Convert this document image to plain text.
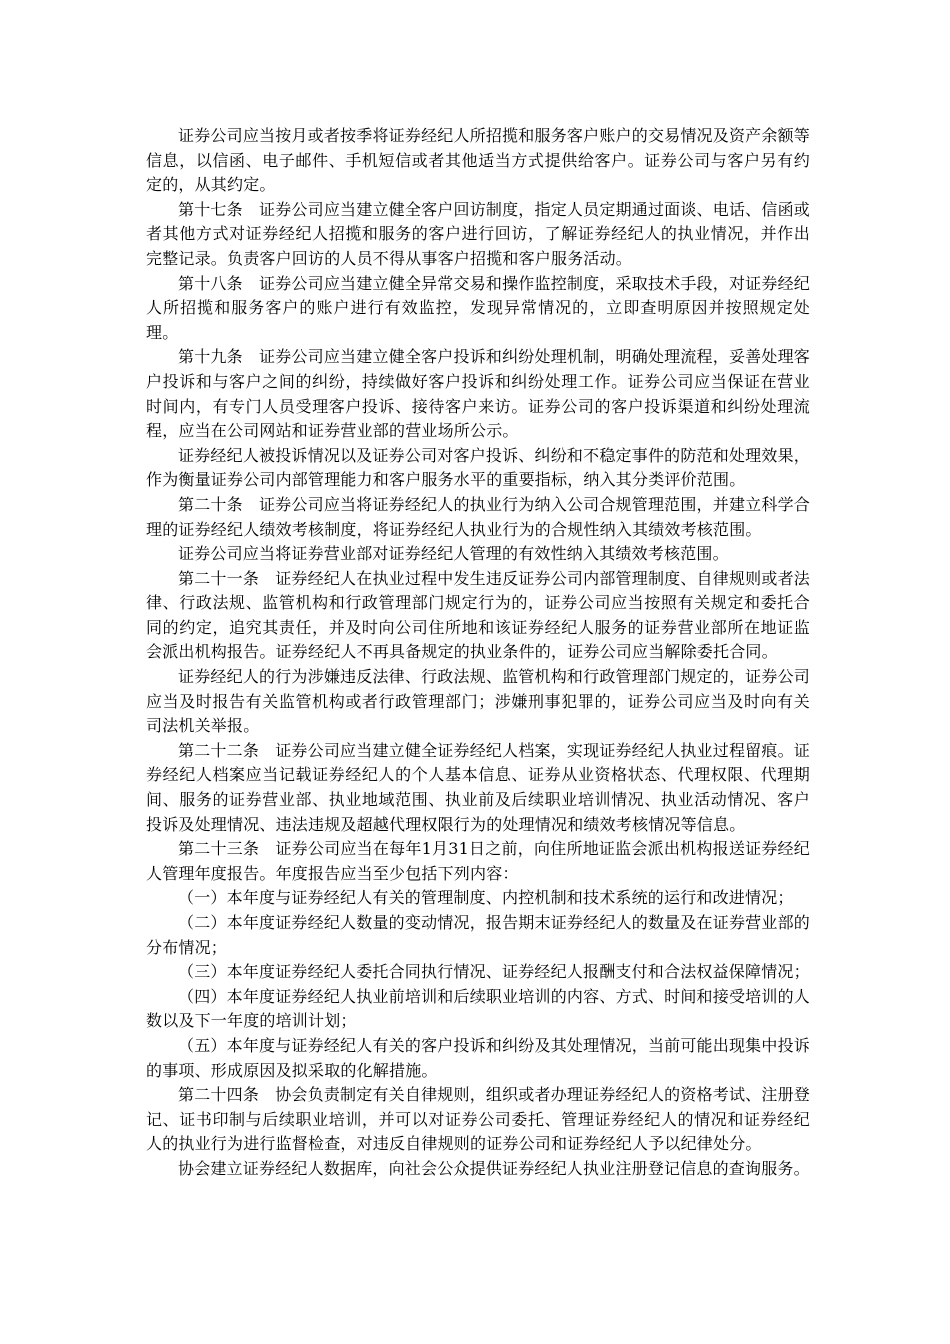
证券公司应当按月或者按季将证券经纪人所招揽和服务客户账户的交易情况及资产余额等信息，以信函、电子邮件、手机短信或者其他适当方式提供给客户。证券公司与客户另有约定的，从其约定。

第十七条　证券公司应当建立健全客户回访制度，指定人员定期通过面谈、电话、信函或者其他方式对证券经纪人招揽和服务的客户进行回访，了解证券经纪人的执业情况，并作出完整记录。负责客户回访的人员不得从事客户招揽和客户服务活动。

第十八条　证券公司应当建立健全异常交易和操作监控制度，采取技术手段，对证券经纪人所招揽和服务客户的账户进行有效监控，发现异常情况的，立即查明原因并按照规定处理。

第十九条　证券公司应当建立健全客户投诉和纠纷处理机制，明确处理流程，妥善处理客户投诉和与客户之间的纠纷，持续做好客户投诉和纠纷处理工作。证券公司应当保证在营业时间内，有专门人员受理客户投诉、接待客户来访。证券公司的客户投诉渠道和纠纷处理流程，应当在公司网站和证券营业部的营业场所公示。

证券经纪人被投诉情况以及证券公司对客户投诉、纠纷和不稳定事件的防范和处理效果，作为衡量证券公司内部管理能力和客户服务水平的重要指标，纳入其分类评价范围。

第二十条　证券公司应当将证券经纪人的执业行为纳入公司合规管理范围，并建立科学合理的证券经纪人绩效考核制度，将证券经纪人执业行为的合规性纳入其绩效考核范围。

证券公司应当将证券营业部对证券经纪人管理的有效性纳入其绩效考核范围。

第二十一条　证券经纪人在执业过程中发生违反证券公司内部管理制度、自律规则或者法律、行政法规、监管机构和行政管理部门规定行为的，证券公司应当按照有关规定和委托合同的约定，追究其责任，并及时向公司住所地和该证券经纪人服务的证券营业部所在地证监会派出机构报告。证券经纪人不再具备规定的执业条件的，证券公司应当解除委托合同。

证券经纪人的行为涉嫌违反法律、行政法规、监管机构和行政管理部门规定的，证券公司应当及时报告有关监管机构或者行政管理部门；涉嫌刑事犯罪的，证券公司应当及时向有关司法机关举报。

第二十二条　证券公司应当建立健全证券经纪人档案，实现证券经纪人执业过程留痕。证券经纪人档案应当记载证券经纪人的个人基本信息、证券从业资格状态、代理权限、代理期间、服务的证券营业部、执业地域范围、执业前及后续职业培训情况、执业活动情况、客户投诉及处理情况、违法违规及超越代理权限行为的处理情况和绩效考核情况等信息。

第二十三条　证券公司应当在每年1月31日之前，向住所地证监会派出机构报送证券经纪人管理年度报告。年度报告应当至少包括下列内容：

（一）本年度与证券经纪人有关的管理制度、内控机制和技术系统的运行和改进情况；

（二）本年度证券经纪人数量的变动情况，报告期末证券经纪人的数量及在证券营业部的分布情况；

（三）本年度证券经纪人委托合同执行情况、证券经纪人报酬支付和合法权益保障情况；

（四）本年度证券经纪人执业前培训和后续职业培训的内容、方式、时间和接受培训的人数以及下一年度的培训计划；

（五）本年度与证券经纪人有关的客户投诉和纠纷及其处理情况，当前可能出现集中投诉的事项、形成原因及拟采取的化解措施。

第二十四条　协会负责制定有关自律规则，组织或者办理证券经纪人的资格考试、注册登记、证书印制与后续职业培训，并可以对证券公司委托、管理证券经纪人的情况和证券经纪人的执业行为进行监督检查，对违反自律规则的证券公司和证券经纪人予以纪律处分。

协会建立证券经纪人数据库，向社会公众提供证券经纪人执业注册登记信息的查询服务。
